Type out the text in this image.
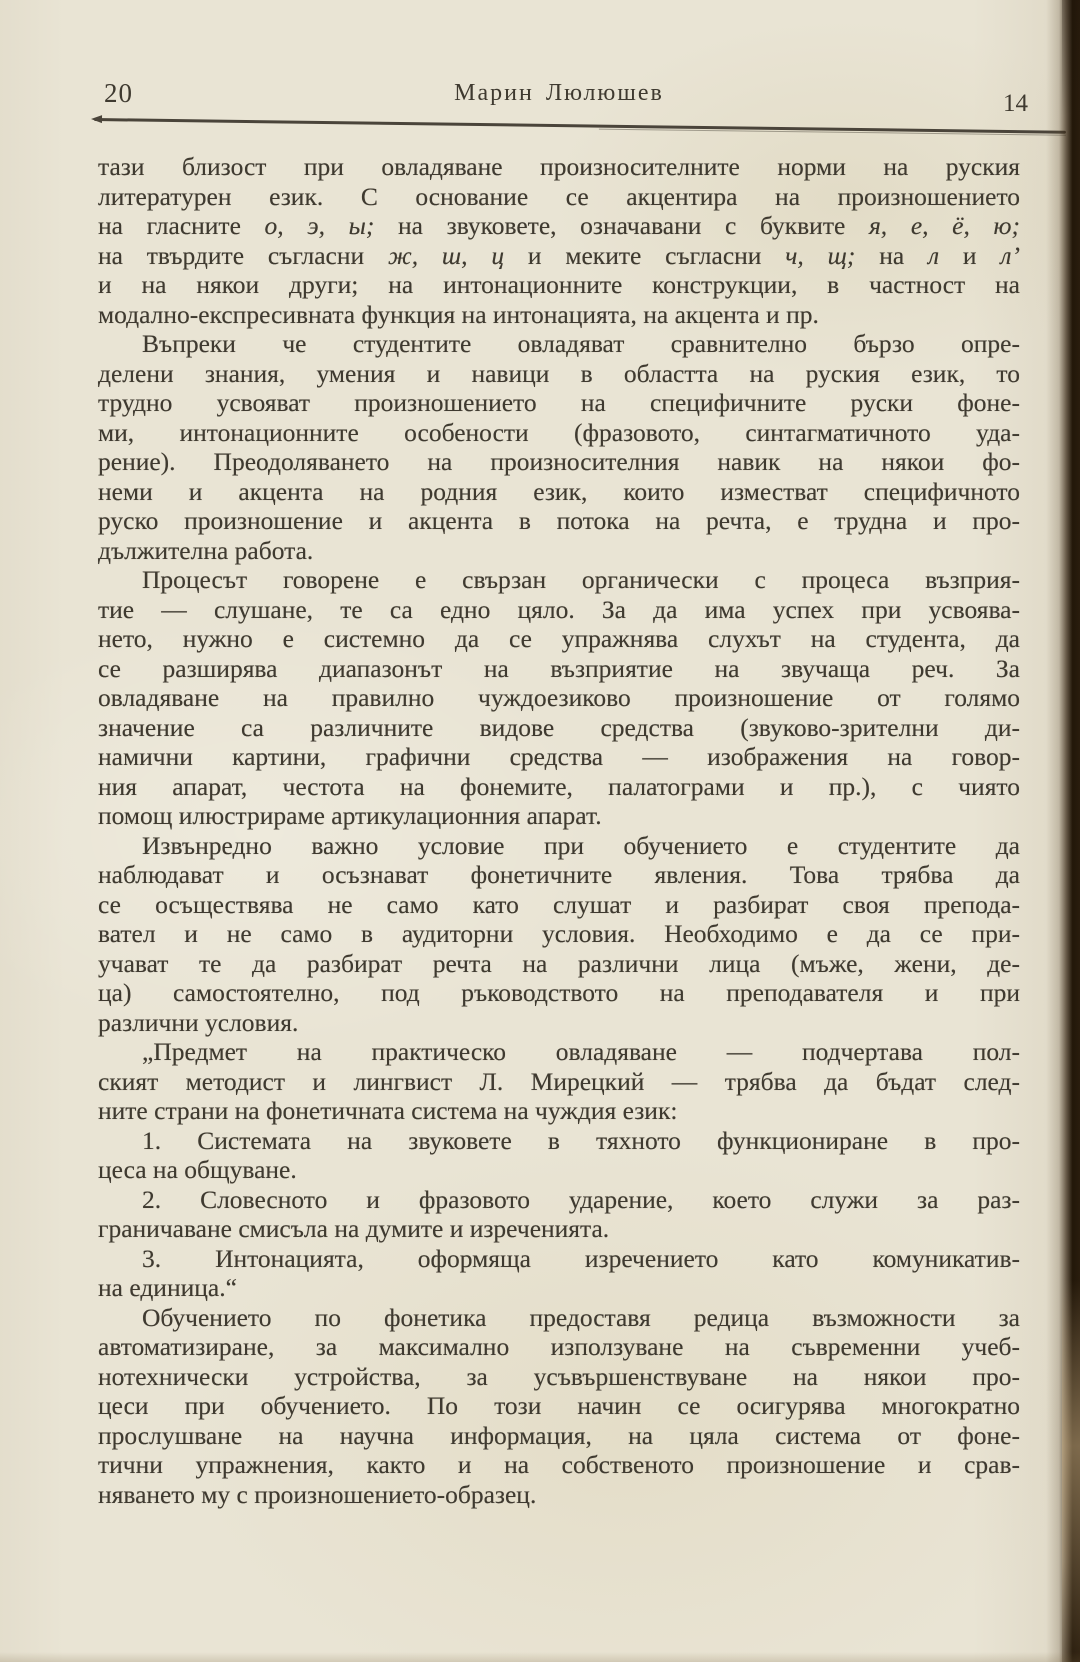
20	Марин Люлюшев	14
тази близост при овладяване произносителните норми на руския
литературен език. С основание се акцентира на произношението
на гласните о, э, ы; на звуковете, означавани с буквите я, е, ё, ю;
на твърдите съгласни ж, ш, ц и меките съгласни ч, щ; на л и л’
и на някои други; на интонационните конструкции, в частност на
модално-експресивната функция на интонацията, на акцента и пр.
Въпреки че студентите овладяват сравнително бързо опре-
делени знания, умения и навици в областта на руския език, то
трудно усвояват произношението на специфичните руски фоне-
ми, интонационните особености (фразовото, синтагматичното уда-
рение). Преодоляването на произносителния навик на някои фо-
неми и акцента на родния език, които изместват специфичното
руско произношение и акцента в потока на речта, е трудна и про-
дължителна работа.
Процесът говорене е свързан органически с процеса възприя-
тие — слушане, те са едно цяло. За да има успех при усвоява-
нето, нужно е системно да се упражнява слухът на студента, да
се разширява диапазонът на възприятие на звучаща реч. За
овладяване на правилно чуждоезиково произношение от голямо
значение са различните видове средства (звуково-зрителни ди-
намични картини, графични средства — изображения на говор-
ния апарат, честота на фонемите, палатограми и пр.), с чиято
помощ илюстрираме артикулационния апарат.
Извънредно важно условие при обучението е студентите да
наблюдават и осъзнават фонетичните явления. Това трябва да
се осъществява не само като слушат и разбират своя препода-
вател и не само в аудиторни условия. Необходимо е да се при-
учават те да разбират речта на различни лица (мъже, жени, де-
ца) самостоятелно, под ръководството на преподавателя и при
различни условия.
„Предмет на практическо овладяване — подчертава пол-
ският методист и лингвист Л. Мирецкий — трябва да бъдат след-
ните страни на фонетичната система на чуждия език:
1. Системата на звуковете в тяхното функциониране в про-
цеса на общуване.
2. Словесното и фразовото ударение, което служи за раз-
граничаване смисъла на думите и изреченията.
3. Интонацията, оформяща изречението като комуникатив-
на единица.“
Обучението по фонетика предоставя редица възможности за
автоматизиране, за максимално използуване на съвременни учеб-
нотехнически устройства, за усъвършенствуване на някои про-
цеси при обучението. По този начин се осигурява многократно
прослушване на научна информация, на цяла система от фоне-
тични упражнения, както и на собственото произношение и срав-
няването му с произношението-образец.
